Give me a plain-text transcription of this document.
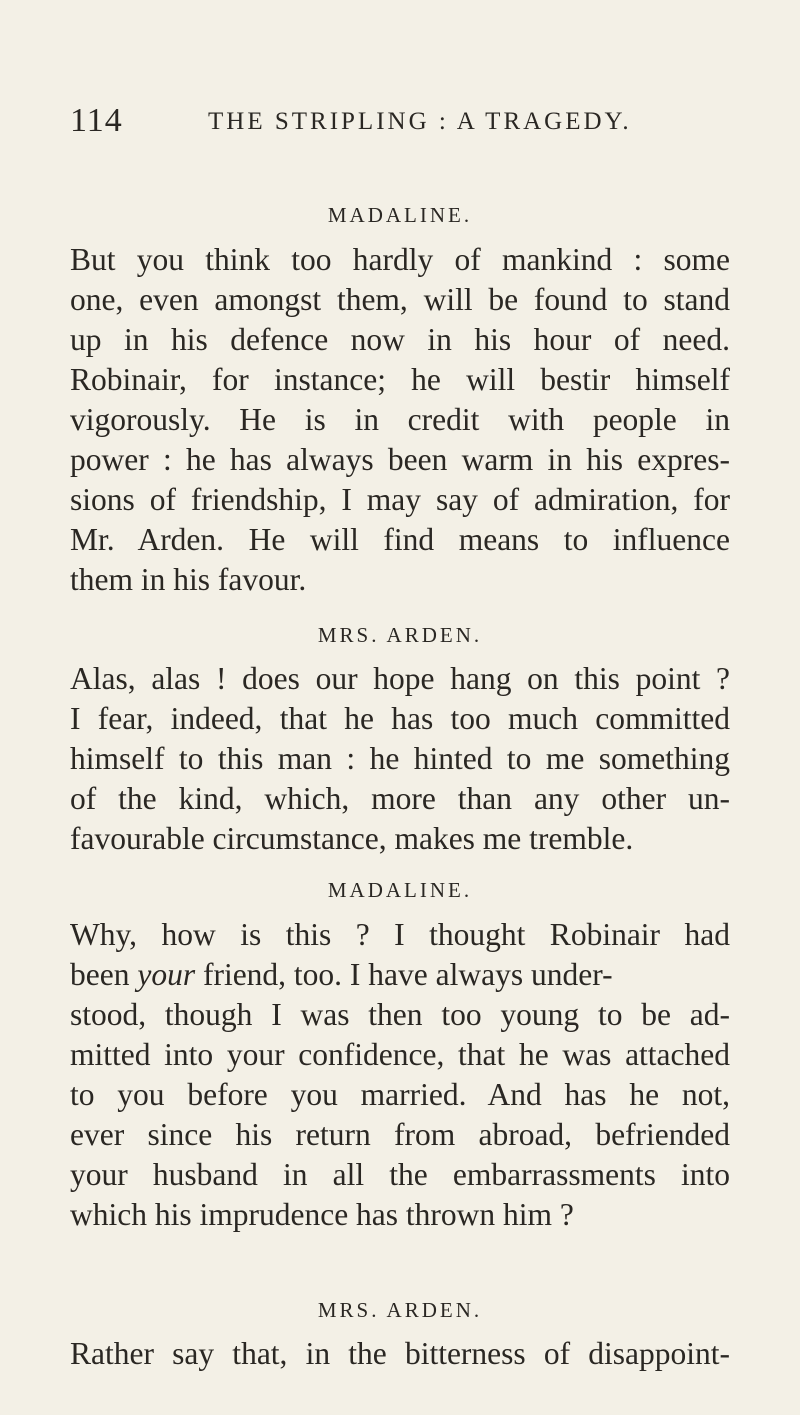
114	THE STRIPLING : A TRAGEDY.
MADALINE.
But you think too hardly of mankind : some
one, even amongst them, will be found to stand
up in his defence now in his hour of need.
Robinair, for instance; he will bestir himself
vigorously. He is in credit with people in
power : he has always been warm in his expres-
sions of friendship, I may say of admiration, for
Mr. Arden. He will find means to influence
them in his favour.
MRS. ARDEN.
Alas, alas ! does our hope hang on this point ?
I fear, indeed, that he has too much committed
himself to this man : he hinted to me something
of the kind, which, more than any other un-
favourable circumstance, makes me tremble.
MADALINE.
Why, how is this ? I thought Robinair had
been your friend, too. I have always under-
stood, though I was then too young to be ad-
mitted into your confidence, that he was attached
to you before you married. And has he not,
ever since his return from abroad, befriended
your husband in all the embarrassments into
which his imprudence has thrown him ?
MRS. ARDEN.
Rather say that, in the bitterness of disappoint-
